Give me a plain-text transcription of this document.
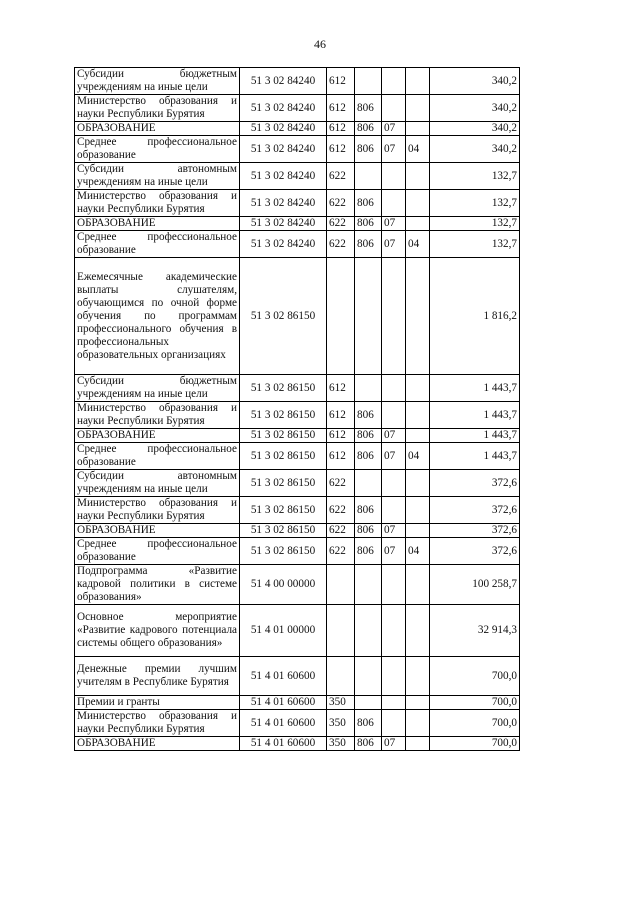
46
Субсидии бюджетным учреждениям на иные цели	51 3 02 84240	612				340,2
Министерство образования и науки Республики Бурятия	51 3 02 84240	612	806			340,2
ОБРАЗОВАНИЕ	51 3 02 84240	612	806	07		340,2
Среднее профессиональное образование	51 3 02 84240	612	806	07	04	340,2
Субсидии автономным учреждениям на иные цели	51 3 02 84240	622				132,7
Министерство образования и науки Республики Бурятия	51 3 02 84240	622	806			132,7
ОБРАЗОВАНИЕ	51 3 02 84240	622	806	07		132,7
Среднее профессиональное образование	51 3 02 84240	622	806	07	04	132,7
Ежемесячные академические выплаты слушателям, обучающимся по очной форме обучения по программам профессионального обучения в профессиональных образовательных организациях	51 3 02 86150					1 816,2
Субсидии бюджетным учреждениям на иные цели	51 3 02 86150	612				1 443,7
Министерство образования и науки Республики Бурятия	51 3 02 86150	612	806			1 443,7
ОБРАЗОВАНИЕ	51 3 02 86150	612	806	07		1 443,7
Среднее профессиональное образование	51 3 02 86150	612	806	07	04	1 443,7
Субсидии автономным учреждениям на иные цели	51 3 02 86150	622				372,6
Министерство образования и науки Республики Бурятия	51 3 02 86150	622	806			372,6
ОБРАЗОВАНИЕ	51 3 02 86150	622	806	07		372,6
Среднее профессиональное образование	51 3 02 86150	622	806	07	04	372,6
Подпрограмма «Развитие кадровой политики в системе образования»	51 4 00 00000					100 258,7
Основное мероприятие «Развитие кадрового потенциала системы общего образования»	51 4 01 00000					32 914,3
Денежные премии лучшим учителям в Республике Бурятия	51 4 01 60600					700,0
Премии и гранты	51 4 01 60600	350				700,0
Министерство образования и науки Республики Бурятия	51 4 01 60600	350	806			700,0
ОБРАЗОВАНИЕ	51 4 01 60600	350	806	07		700,0
